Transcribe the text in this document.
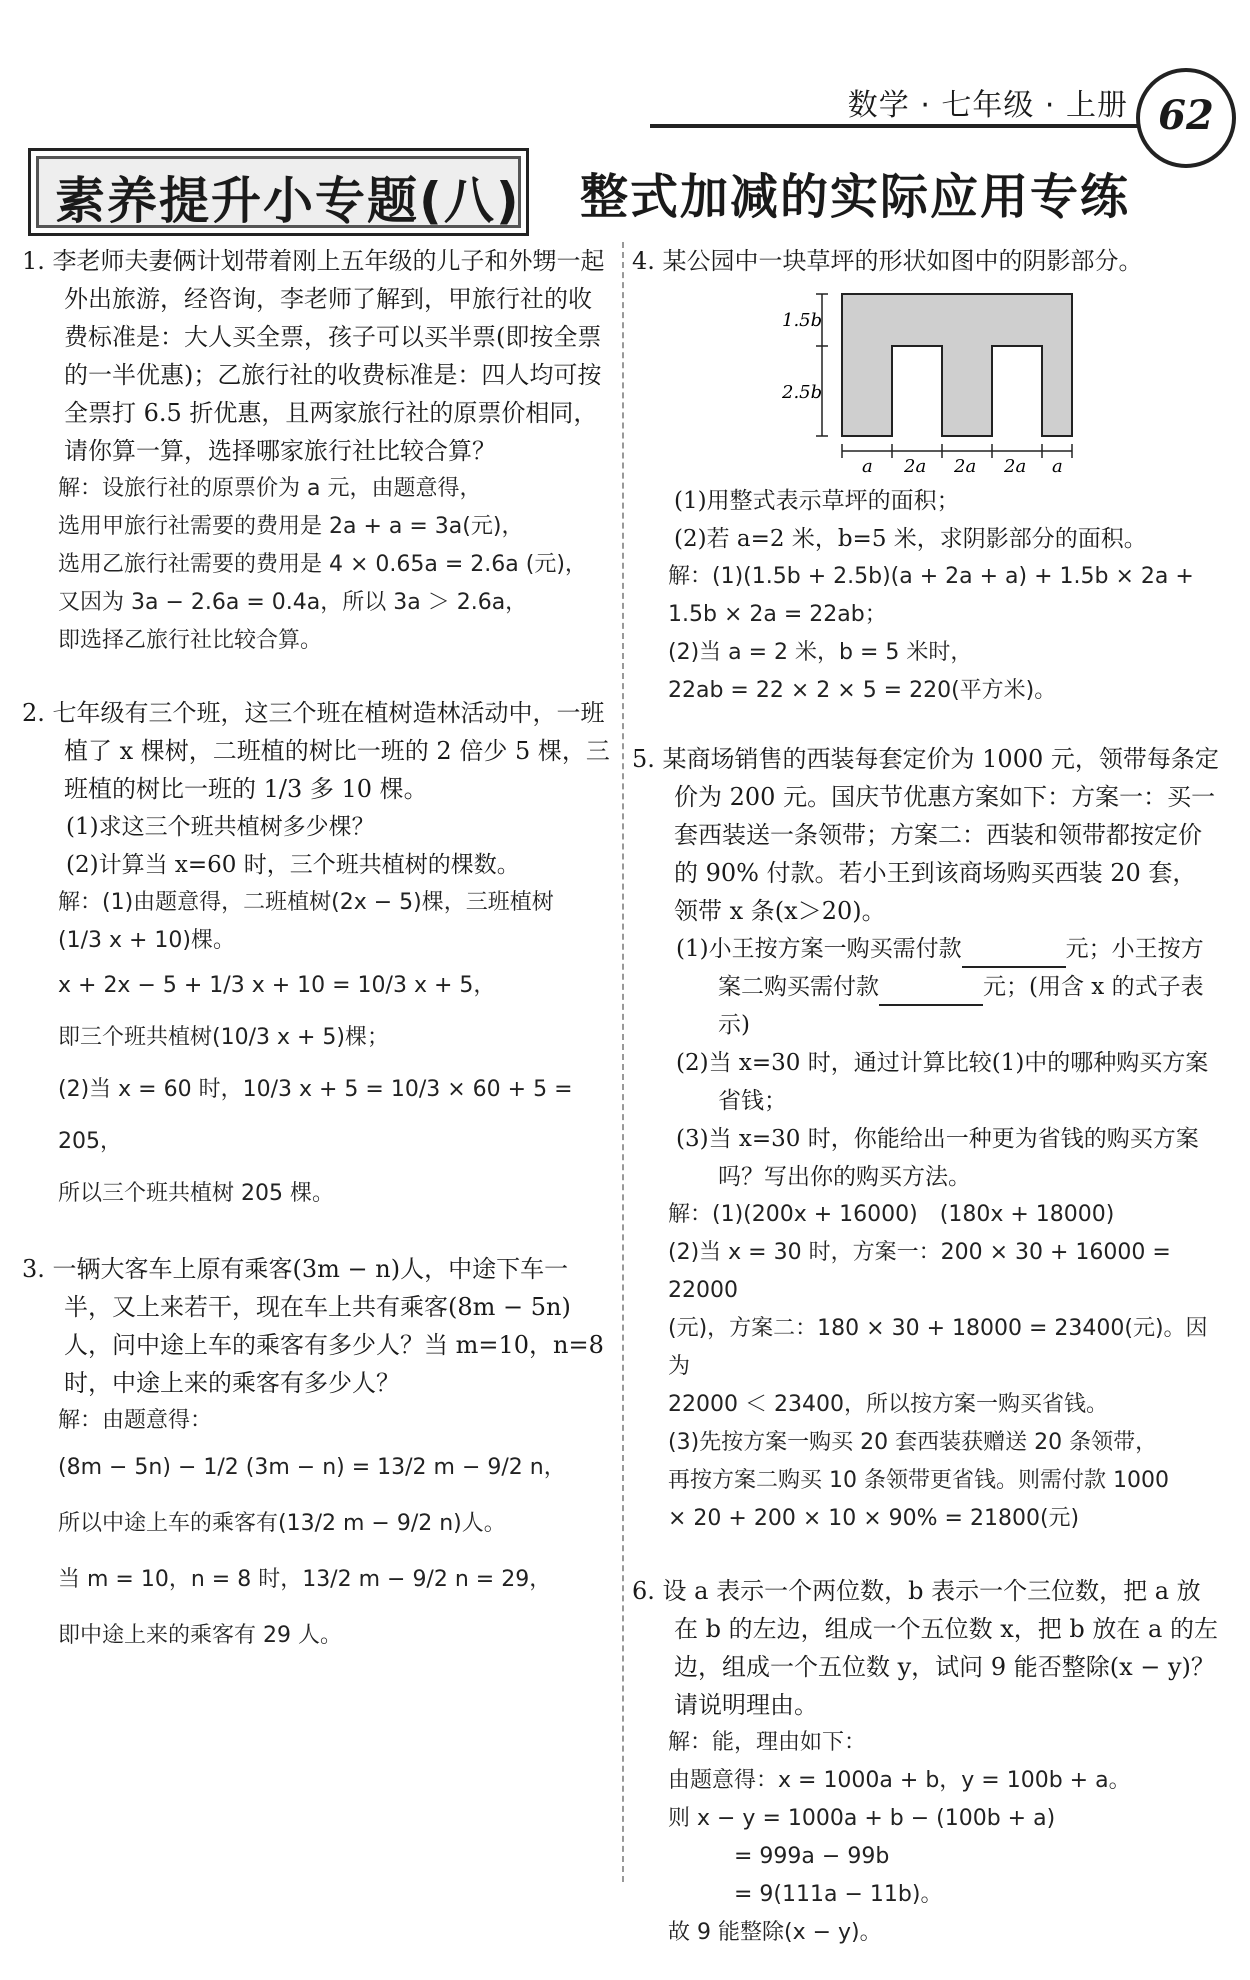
数学 · 七年级 · 上册 62
素养提升小专题(八) 整式加减的实际应用专练
1. 李老师夫妻俩计划带着刚上五年级的儿子和外甥一起外出旅游，经咨询，李老师了解到，甲旅行社的收费标准是：大人买全票，孩子可以买半票(即按全票的一半优惠)；乙旅行社的收费标准是：四人均可按全票打 6.5 折优惠，且两家旅行社的原票价相同，请你算一算，选择哪家旅行社比较合算？
解：设旅行社的原票价为 a 元，由题意得，
选用甲旅行社需要的费用是 2a + a = 3a(元)，
选用乙旅行社需要的费用是 4 × 0.65a = 2.6a (元)，
又因为 3a − 2.6a = 0.4a，所以 3a ＞ 2.6a，
即选择乙旅行社比较合算。
2. 七年级有三个班，这三个班在植树造林活动中，一班植了 x 棵树，二班植的树比一班的 2 倍少 5 棵，三班植的树比一班的 1/3 多 10 棵。
(1)求这三个班共植树多少棵？
(2)计算当 x=60 时，三个班共植树的棵数。
解：(1)由题意得，二班植树(2x − 5)棵，三班植树
(1/3 x + 10)棵。
x + 2x − 5 + 1/3 x + 10 = 10/3 x + 5，
即三个班共植树(10/3 x + 5)棵；
(2)当 x = 60 时，10/3 x + 5 = 10/3 × 60 + 5 = 205，
所以三个班共植树 205 棵。
3. 一辆大客车上原有乘客(3m − n)人，中途下车一半，又上来若干，现在车上共有乘客(8m − 5n)人，问中途上车的乘客有多少人？当 m=10，n=8 时，中途上来的乘客有多少人？
解：由题意得：
(8m − 5n) − 1/2 (3m − n) = 13/2 m − 9/2 n，
所以中途上车的乘客有(13/2 m − 9/2 n)人。
当 m = 10，n = 8 时，13/2 m − 9/2 n = 29，
即中途上来的乘客有 29 人。
4. 某公园中一块草坪的形状如图中的阴影部分。
1.5b
2.5b
a 2a 2a 2a a
(1)用整式表示草坪的面积；
(2)若 a=2 米，b=5 米，求阴影部分的面积。
解：(1)(1.5b + 2.5b)(a + 2a + a) + 1.5b × 2a +
1.5b × 2a = 22ab；
(2)当 a = 2 米，b = 5 米时，
22ab = 22 × 2 × 5 = 220(平方米)。
5. 某商场销售的西装每套定价为 1000 元，领带每条定价为 200 元。国庆节优惠方案如下：方案一：买一套西装送一条领带；方案二：西装和领带都按定价的 90% 付款。若小王到该商场购买西装 20 套，领带 x 条(x＞20)。
(1)小王按方案一购买需付款	元；小王按方案二购买需付款	元；(用含 x 的式子表示)
(2)当 x=30 时，通过计算比较(1)中的哪种购买方案省钱；
(3)当 x=30 时，你能给出一种更为省钱的购买方案吗？写出你的购买方法。
解：(1)(200x + 16000)　(180x + 18000)
(2)当 x = 30 时，方案一：200 × 30 + 16000 = 22000
(元)，方案二：180 × 30 + 18000 = 23400(元)。因为
22000 ＜ 23400，所以按方案一购买省钱。
(3)先按方案一购买 20 套西装获赠送 20 条领带，
再按方案二购买 10 条领带更省钱。则需付款 1000
× 20 + 200 × 10 × 90% = 21800(元)
6. 设 a 表示一个两位数，b 表示一个三位数，把 a 放在 b 的左边，组成一个五位数 x，把 b 放在 a 的左边，组成一个五位数 y，试问 9 能否整除(x − y)？请说明理由。
解：能，理由如下：
由题意得：x = 1000a + b，y = 100b + a。
则 x − y = 1000a + b − (100b + a)
　　　= 999a − 99b
　　　= 9(111a − 11b)。
故 9 能整除(x − y)。
